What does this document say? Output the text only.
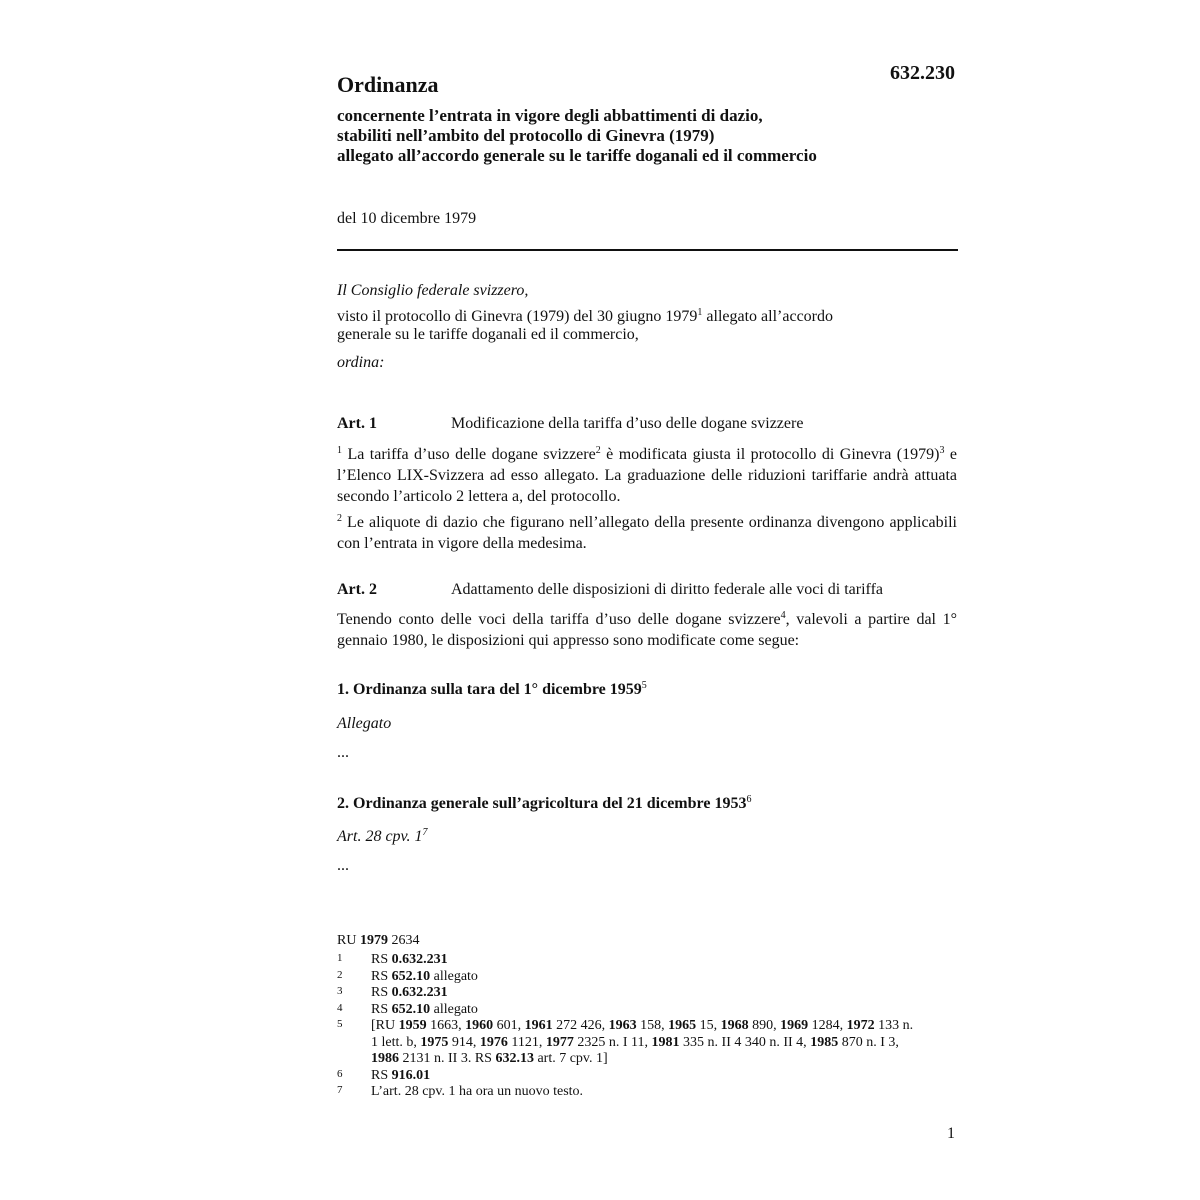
632.230
Ordinanza
concernente l’entrata in vigore degli abbattimenti di dazio,
stabiliti nell’ambito del protocollo di Ginevra (1979)
allegato all’accordo generale su le tariffe doganali ed il commercio
del 10 dicembre 1979
Il Consiglio federale svizzero,
visto il protocollo di Ginevra (1979) del 30 giugno 1979$^1$ allegato all’accordo
generale su le tariffe doganali ed il commercio,
ordina:
Art. 1	Modificazione della tariffa d’uso delle dogane svizzere
$^1$ La tariffa d’uso delle dogane svizzere$^2$ è modificata giusta il protocollo di Ginevra $(1979)^3$ e l’Elenco LIX-Svizzera ad esso allegato. La graduazione delle riduzioni tariffarie andrà attuata secondo l’articolo 2 lettera a, del protocollo.
$^2$ Le aliquote di dazio che figurano nell’allegato della presente ordinanza divengono applicabili con l’entrata in vigore della medesima.
Art. 2	Adattamento delle disposizioni di diritto federale alle voci di tariffa
Tenendo conto delle voci della tariffa d’uso delle dogane svizzere$^4$, valevoli a partire dal 1° gennaio 1980, le disposizioni qui appresso sono modificate come segue:
1. Ordinanza sulla tara del 1° dicembre 1959$^5$
Allegato
...
2. Ordinanza generale sull’agricoltura del 21 dicembre 1953$^6$
Art. 28 cpv. $1^7$
...
RU 1979 2634
1	RS 0.632.231
2	RS 652.10 allegato
3	RS 0.632.231
4	RS 652.10 allegato
5	[RU 1959 1663, 1960 601, 1961 272 426, 1963 158, 1965 15, 1968 890, 1969 1284, 1972 133 n. 1 lett. b, 1975 914, 1976 1121, 1977 2325 n. I 11, 1981 335 n. II 4 340 n. II 4, 1985 870 n. I 3, 1986 2131 n. II 3. RS 632.13 art. 7 cpv. 1]
6	RS 916.01
7	L’art. 28 cpv. 1 ha ora un nuovo testo.
1
